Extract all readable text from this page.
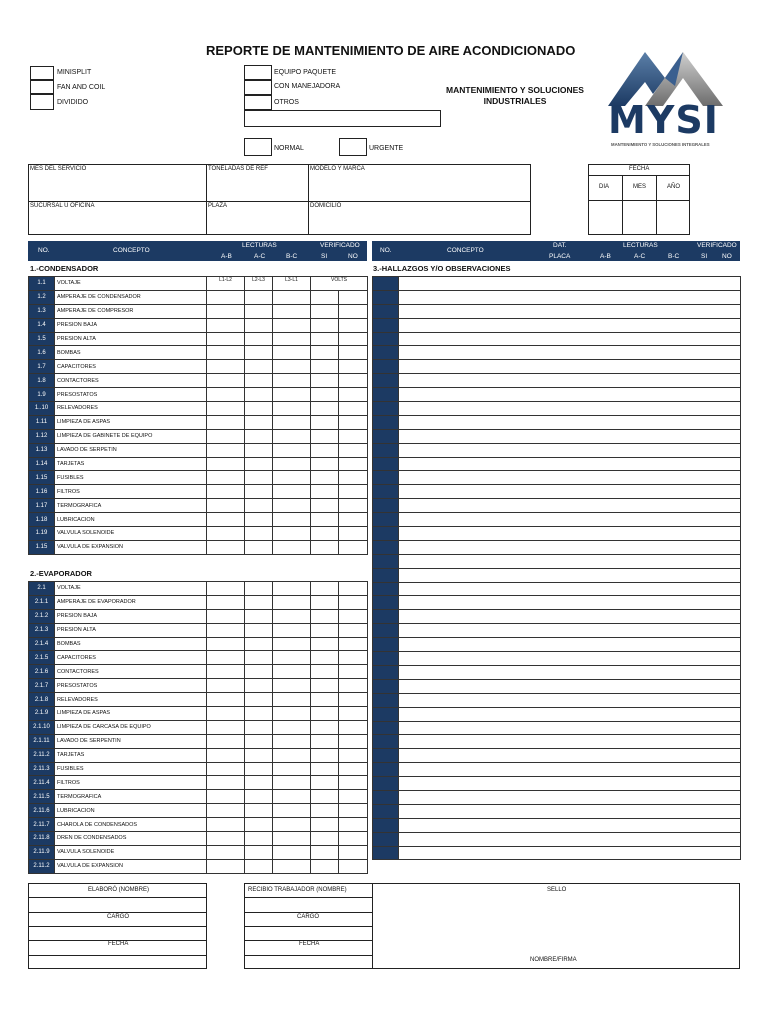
REPORTE DE MANTENIMIENTO DE AIRE ACONDICIONADO
MINISPLIT
FAN AND COIL
DIVIDIDO
EQUIPO PAQUETE
CON MANEJADORA
OTROS
NORMAL	URGENTE
MANTENIMIENTO Y SOLUCIONES
INDUSTRIALES	MYSI
MANTENIMIENTO Y SOLUCIONES INTEGRALES
MES DEL SERVICIO	TONELADAS DE REF	MODELO Y MARCA
SUCURSAL U OFICINA	PLAZA	DOMICILIO
FECHA
DIA	MES	AÑO
NO.	CONCEPTO
LECTURAS	VERIFICADO
A-B	A-C	B-C	SI	NO
NO.	CONCEPTO
DAT.
PLACA
LECTURAS	VERIFICADO
A-B	A-C	B-C	SI NO
1.-CONDENSADOR	3.-HALLAZGOS Y/O OBSERVACIONES
2.-EVAPORADOR
1.1	VOLTAJE	L1-L2	L2-L3	L3-L1	VOLTS	
1.2	AMPERAJE DE CONDENSADOR					
1.3	AMPERAJE DE COMPRESOR					
1.4	PRESION BAJA					
1.5	PRESION ALTA					
1.6	BOMBAS					
1.7	CAPACITORES					
1.8	CONTACTORES					
1.9	PRESOSTATOS					
1..10	RELEVADORES					
1.11	LIMPIEZA DE ASPAS					
1.12	LIMPIEZA DE GABINETE DE EQUIPO					
1.13	LAVADO DE SERPETIN					
1.14	TARJETAS					
1.15	FUSIBLES					
1.16	FILTROS					
1.17	TERMOGRAFICA					
1.18	LUBRICACION					
1.19	VALVULA SOLENOIDE					
1.15	VALVULA DE EXPANSION					
2.1	VOLTAJE					
2.1.1	AMPERAJE DE EVAPORADOR					
2.1.2	PRESION BAJA					
2.1.3	PRESION ALTA					
2.1.4	BOMBAS					
2.1.5	CAPACITORES					
2.1.6	CONTACTORES					
2.1.7	PRESOSTATOS					
2.1.8	RELEVADORES					
2.1.9	LIMPIEZA DE ASPAS					
2.1.10	LIMPIEZA DE CARCASA DE EQUIPO					
2.1.11	LAVADO DE SERPENTIN					
2.11.2	TARJETAS					
2.11.3	FUSIBLES					
2.11.4	FILTROS					
2.11.5	TERMOGRAFICA					
2.11.6	LUBRICACION					
2.11.7	CHAROLA DE CONDENSADOS					
2.11.8	DREN DE CONDENSADOS					
2.11.9	VALVULA SOLENOIDE					
2.11.2	VALVULA DE EXPANSION					

ELABORÓ (NOMBRE)
CARGO
FECHA
RECIBIO TRABAJADOR (NOMBRE)
CARGO
FECHA
SELLO
NOMBRE/FIRMA
